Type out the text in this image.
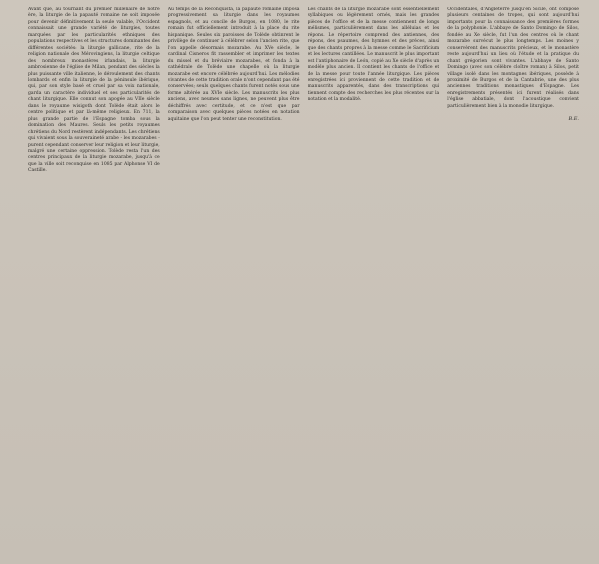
Avant que, au tournant du premier millénaire de notre ère, la liturgie de la papauté romaine ne soit imposée pour devenir définitivement la seule valable, l'Occident connaissait une grande variété de liturgies, toutes marquées par les particularités ethniques des populations respectives et les structures dominantes des différentes sociétés: la liturgie gallicane, rite de la religion nationale des Mérovingiens, la liturgie celtique des nombreux monastères irlandais, la liturgie ambrosienne de l'église de Milan, pendant des siècles la plus puissante ville italienne, le déroulement des chants lombards et enfin la liturgie de la péninsule ibérique, qui, par son style basé et cruel par sa voix nationale, garda un caractère individuel et ses particularités de chant liturgique. Elle connut son apogée au VIIe siècle dans le royaume wisigoth dont Tolède était alors le centre politique et par là-même religieux. En 711, la plus grande partie de l'Espagne tomba sous la domination des Maures. Seuls les petits royaumes chrétiens du Nord restèrent indépendants. Les chrétiens qui vivaient sous la souveraineté arabe - les mozarabes - purent cependant conserver leur religion et leur liturgie, malgré une certaine oppression. Tolède resta l'un des centres principaux de la liturgie mozarabe, jusqu'à ce que la ville soit reconquise en 1085 par Alphonse VI de Castille.

Au temps de la Reconquista, la papauté romaine imposa progressivement sa liturgie dans les royaumes espagnols, et au concile de Burgos, en 1080, le rite romain fut officiellement introduit à la place du rite hispanique. Seules six paroisses de Tolède obtinrent le privilège de continuer à célébrer selon l'ancien rite, que l'on appelle désormais mozarabe. Au XVe siècle, le cardinal Cisneros fit rassembler et imprimer les textes du missel et du bréviaire mozarabes, et fonda à la cathédrale de Tolède une chapelle où la liturgie mozarabe est encore célébrée aujourd'hui. Les mélodies vivantes de cette tradition orale n'ont cependant pas été conservées; seuls quelques chants furent notés sous une forme altérée au XVIe siècle. Les manuscrits les plus anciens, avec neumes sans lignes, ne peuvent plus être déchiffrés avec certitude, et ce n'est que par comparaison avec quelques pièces notées en notation aquitaine que l'on peut tenter une reconstitution.

Les chants de la liturgie mozarabe sont essentiellement syllabiques ou légèrement ornés, mais les grandes pièces de l'office et de la messe contiennent de longs mélismes, particulièrement dans les alléluias et les répons. Le répertoire comprend des antiennes, des répons, des psaumes, des hymnes et des préces, ainsi que des chants propres à la messe comme le Sacrificium et les lectures cantillées. Le manuscrit le plus important est l'antiphonaire de León, copié au Xe siècle d'après un modèle plus ancien. Il contient les chants de l'office et de la messe pour toute l'année liturgique. Les pièces enregistrées ici proviennent de cette tradition et de manuscrits apparentés, dans des transcriptions qui tiennent compte des recherches les plus récentes sur la notation et la modalité.

Occidentales, d'Angleterre jusqu'en Sicile, ont composé plusieurs centaines de tropes, qui sont aujourd'hui importants pour la connaissance des premières formes de la polyphonie. L'abbaye de Santo Domingo de Silos, fondée au Xe siècle, fut l'un des centres où le chant mozarabe survécut le plus longtemps. Les moines y conservèrent des manuscrits précieux, et le monastère reste aujourd'hui un lieu où l'étude et la pratique du chant grégorien sont vivantes. L'abbaye de Santo Domingo (avec son célèbre cloître roman) à Silos, petit village isolé dans les montagnes ibériques, possède à proximité de Burgos et de la Cantabrie, une des plus anciennes traditions monastiques d'Espagne. Les enregistrements présentés ici furent réalisés dans l'église abbatiale, dont l'acoustique convient particulièrement bien à la monodie liturgique.

B.E.
